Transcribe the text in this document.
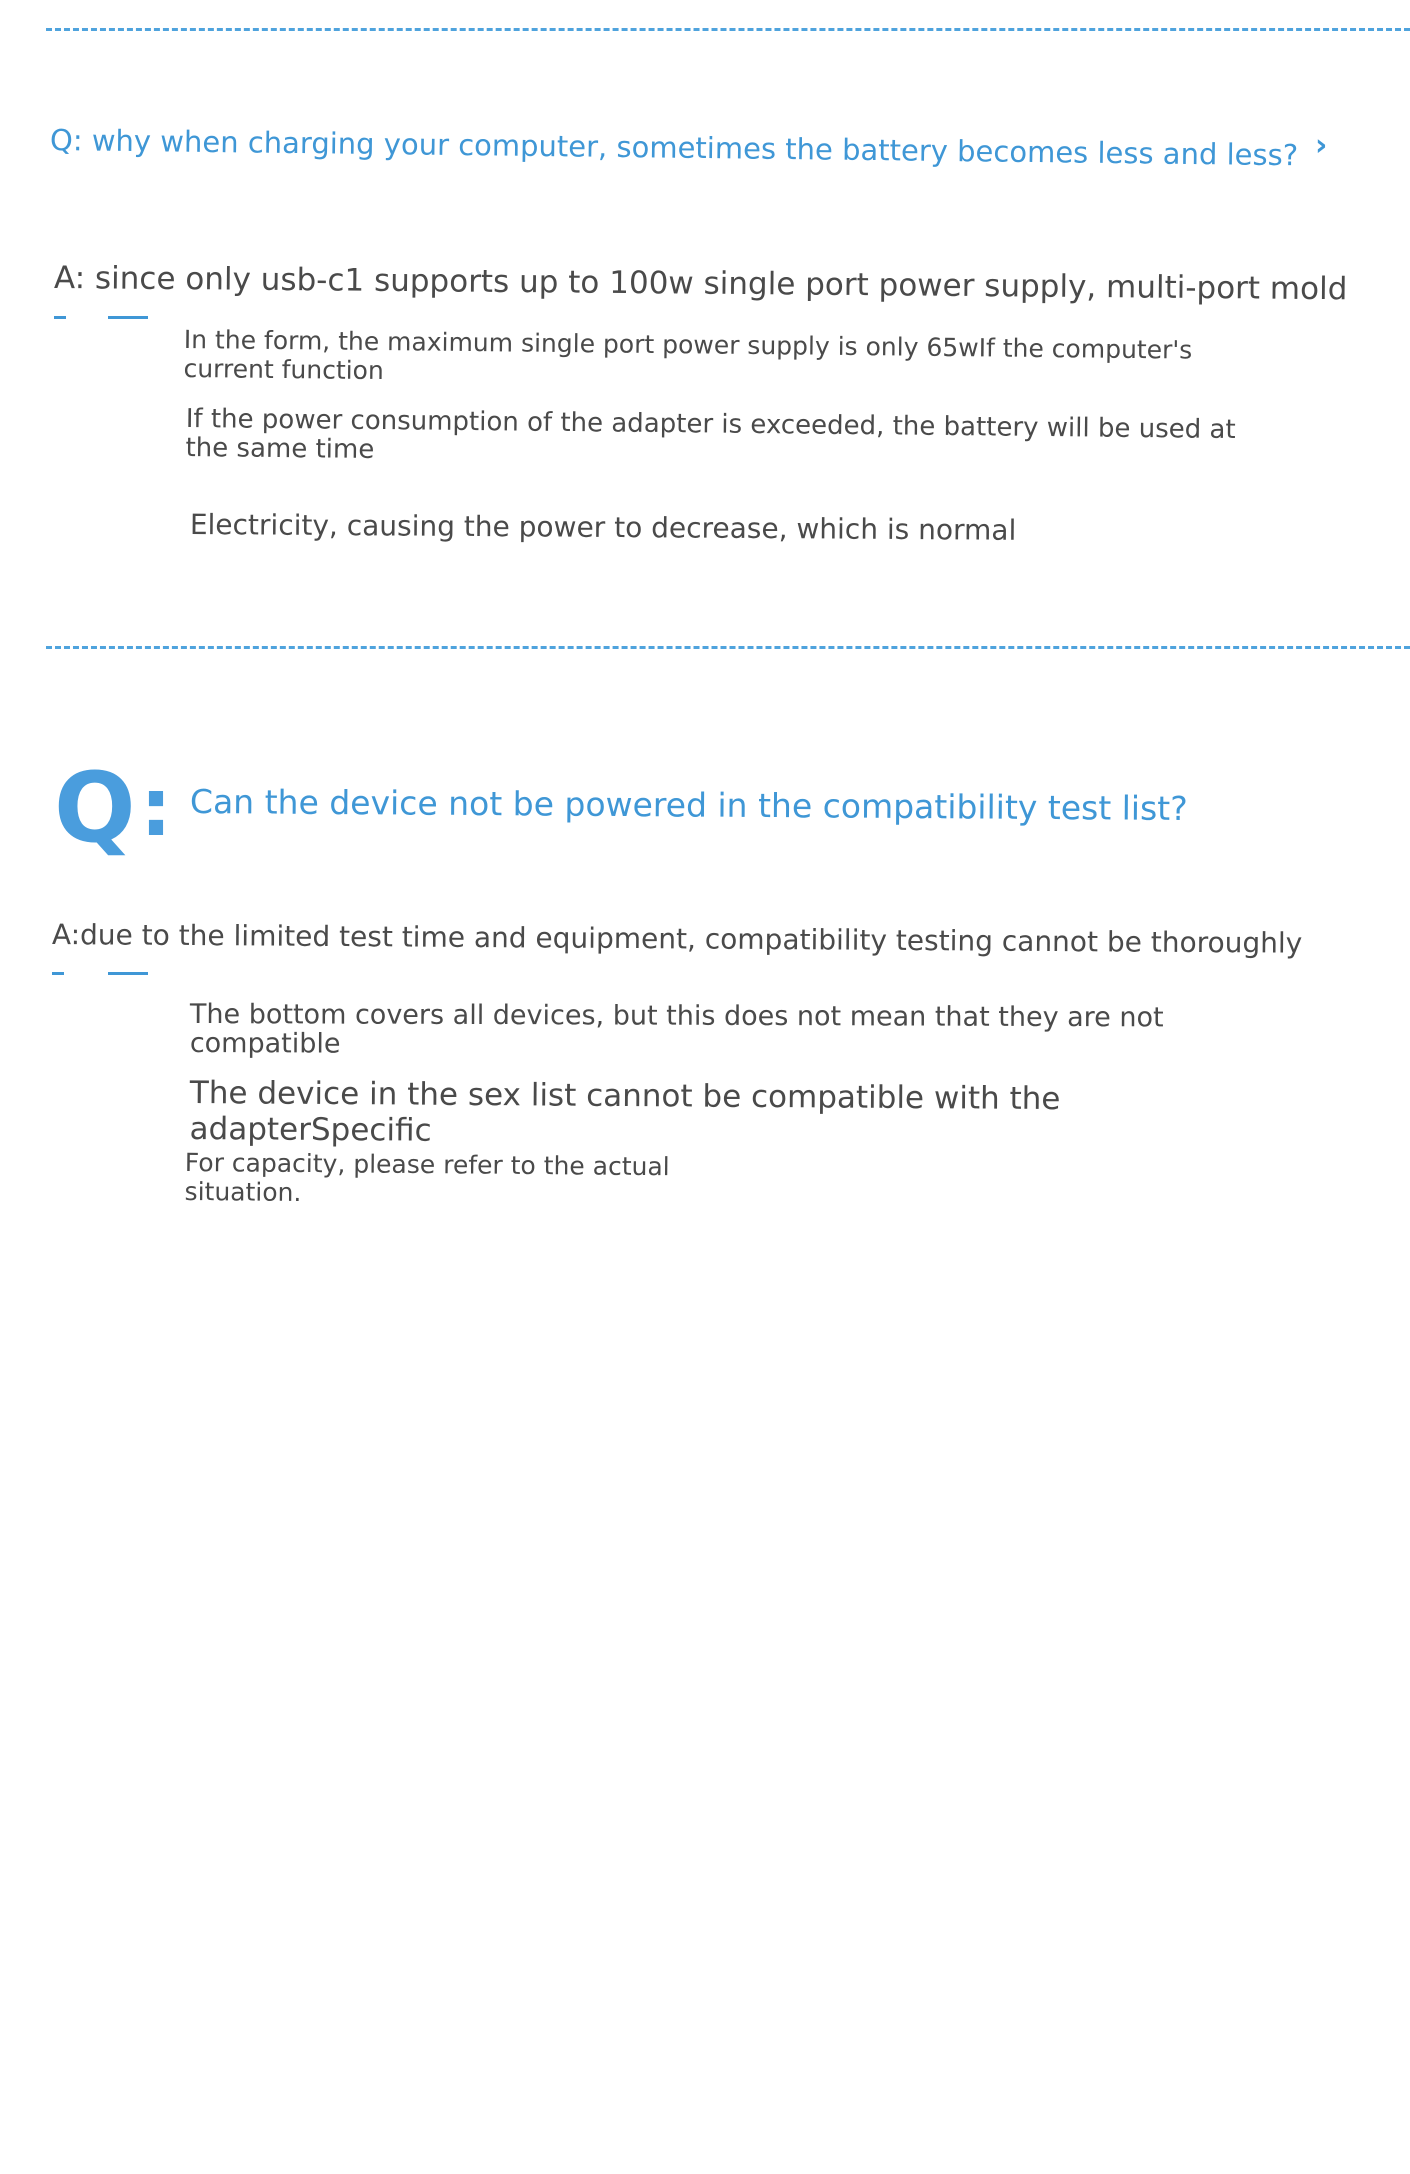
Q: why when charging your computer, sometimes the battery becomes less and less? ›
A: since only usb-c1 supports up to 100w single port power supply, multi-port mold
In the form, the maximum single port power supply is only 65wIf the computer's current function
If the power consumption of the adapter is exceeded, the battery will be used at the same time
Electricity, causing the power to decrease, which is normal
Q : Can the device not be powered in the compatibility test list?
A:due to the limited test time and equipment, compatibility testing cannot be thoroughly
The bottom covers all devices, but this does not mean that they are not compatible
The device in the sex list cannot be compatible with the adapterSpecific
For capacity, please refer to the actual situation.
